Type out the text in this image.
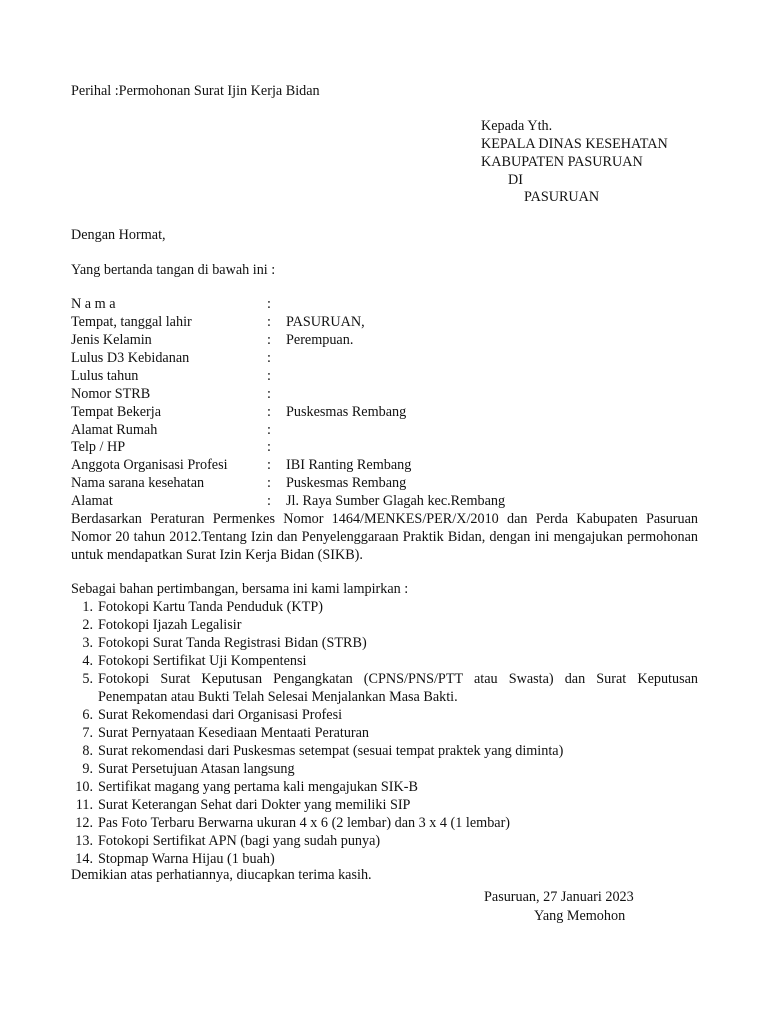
Perihal :Permohonan Surat Ijin Kerja Bidan
Kepada Yth.
KEPALA DINAS KESEHATAN
KABUPATEN PASURUAN
DI
PASURUAN
Dengan Hormat,
Yang bertanda tangan di bawah ini :
N a m a	:
Tempat, tanggal lahir	: PASURUAN,
Jenis Kelamin	: Perempuan.
Lulus D3 Kebidanan	:
Lulus tahun	:
Nomor STRB	:
Tempat Bekerja	: Puskesmas Rembang
Alamat Rumah	:
Telp / HP	:
Anggota Organisasi Profesi	: IBI Ranting Rembang
Nama sarana kesehatan	: Puskesmas Rembang
Alamat	: Jl. Raya Sumber Glagah kec.Rembang
Berdasarkan Peraturan Permenkes Nomor 1464/MENKES/PER/X/2010 dan Perda Kabupaten Pasuruan Nomor 20 tahun 2012.Tentang Izin dan Penyelenggaraan Praktik Bidan, dengan ini mengajukan permohonan untuk mendapatkan Surat Izin Kerja Bidan (SIKB).
Sebagai bahan pertimbangan, bersama ini kami lampirkan :
1. Fotokopi Kartu Tanda Penduduk (KTP)
2. Fotokopi Ijazah Legalisir
3. Fotokopi Surat Tanda Registrasi Bidan (STRB)
4. Fotokopi Sertifikat Uji Kompentensi
5. Fotokopi Surat Keputusan Pengangkatan (CPNS/PNS/PTT atau Swasta) dan Surat Keputusan Penempatan atau Bukti Telah Selesai Menjalankan Masa Bakti.
6. Surat Rekomendasi dari Organisasi Profesi
7. Surat Pernyataan Kesediaan Mentaati Peraturan
8. Surat rekomendasi dari Puskesmas setempat (sesuai tempat praktek yang diminta)
9. Surat Persetujuan Atasan langsung
10. Sertifikat magang yang pertama kali mengajukan SIK-B
11. Surat Keterangan Sehat dari Dokter yang memiliki SIP
12. Pas Foto Terbaru Berwarna ukuran 4 x 6 (2 lembar) dan 3 x 4 (1 lembar)
13. Fotokopi Sertifikat APN (bagi yang sudah punya)
14. Stopmap Warna Hijau (1 buah)
Demikian atas perhatiannya, diucapkan terima kasih.
Pasuruan, 27 Januari 2023
Yang Memohon
